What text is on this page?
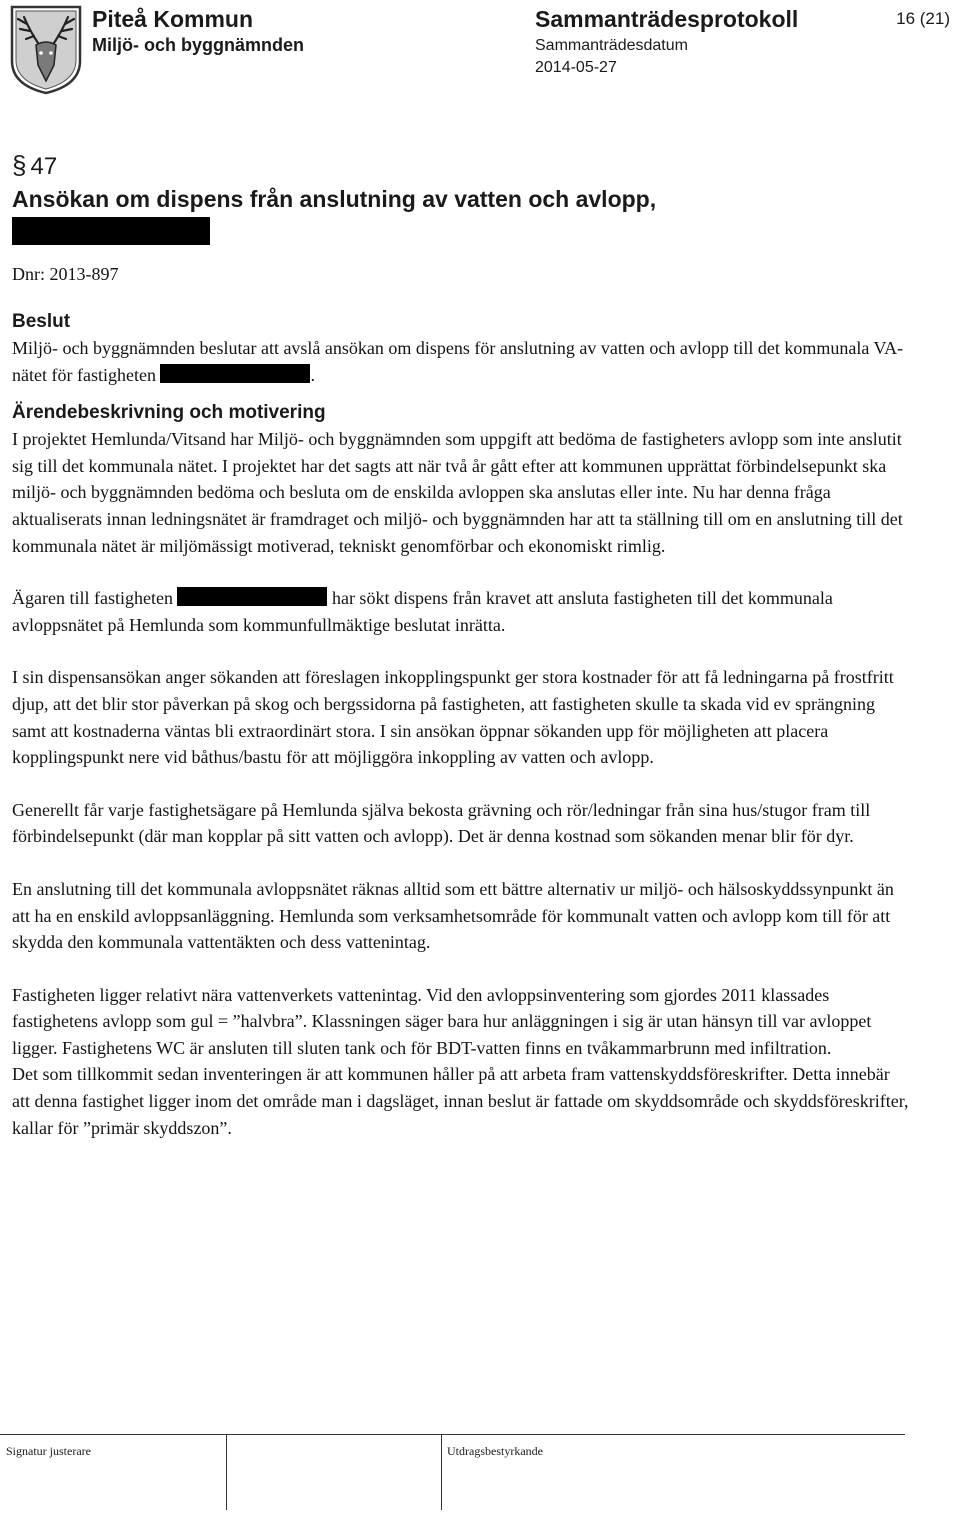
Piteå Kommun
Miljö- och byggnämnden
Sammanträdesprotokoll
Sammanträdesdatum
2014-05-27
16 (21)
§ 47
Ansökan om dispens från anslutning av vatten och avlopp,
Dnr: 2013-897
Beslut

Miljö- och byggnämnden beslutar att avslå ansökan om dispens för anslutning av vatten och avlopp till det kommunala VA-nätet för fastigheten	.

Ärendebeskrivning och motivering

I projektet Hemlunda/Vitsand har Miljö- och byggnämnden som uppgift att bedöma de fastigheters avlopp som inte anslutit sig till det kommunala nätet. I projektet har det sagts att när två år gått efter att kommunen upprättat förbindelsepunkt ska miljö- och byggnämnden bedöma och besluta om de enskilda avloppen ska anslutas eller inte. Nu har denna fråga aktualiserats innan ledningsnätet är framdraget och miljö- och byggnämnden har att ta ställning till om en anslutning till det kommunala nätet är miljömässigt motiverad, tekniskt genomförbar och ekonomiskt rimlig.

Ägaren till fastigheten	har sökt dispens från kravet att ansluta fastigheten till det kommunala avloppsnätet på Hemlunda som kommunfullmäktige beslutat inrätta.

I sin dispensansökan anger sökanden att föreslagen inkopplingspunkt ger stora kostnader för att få ledningarna på frostfritt djup, att det blir stor påverkan på skog och bergssidorna på fastigheten, att fastigheten skulle ta skada vid ev sprängning samt att kostnaderna väntas bli extraordinärt stora. I sin ansökan öppnar sökanden upp för möjligheten att placera kopplingspunkt nere vid båthus/bastu för att möjliggöra inkoppling av vatten och avlopp.

Generellt får varje fastighetsägare på Hemlunda själva bekosta grävning och rör/ledningar från sina hus/stugor fram till förbindelsepunkt (där man kopplar på sitt vatten och avlopp). Det är denna kostnad som sökanden menar blir för dyr.

En anslutning till det kommunala avloppsnätet räknas alltid som ett bättre alternativ ur miljö- och hälsoskyddssynpunkt än att ha en enskild avloppsanläggning. Hemlunda som verksamhetsområde för kommunalt vatten och avlopp kom till för att skydda den kommunala vattentäkten och dess vattenintag.

Fastigheten ligger relativt nära vattenverkets vattenintag. Vid den avloppsinventering som gjordes 2011 klassades fastighetens avlopp som gul = ”halvbra”. Klassningen säger bara hur anläggningen i sig är utan hänsyn till var avloppet ligger. Fastighetens WC är ansluten till sluten tank och för BDT-vatten finns en tvåkammarbrunn med infiltration.

Det som tillkommit sedan inventeringen är att kommunen håller på att arbeta fram vattenskyddsföreskrifter. Detta innebär att denna fastighet ligger inom det område man i dagsläget, innan beslut är fattade om skyddsområde och skyddsföreskrifter, kallar för ”primär skyddszon”.

Signatur justerare	Utdragsbestyrkande
